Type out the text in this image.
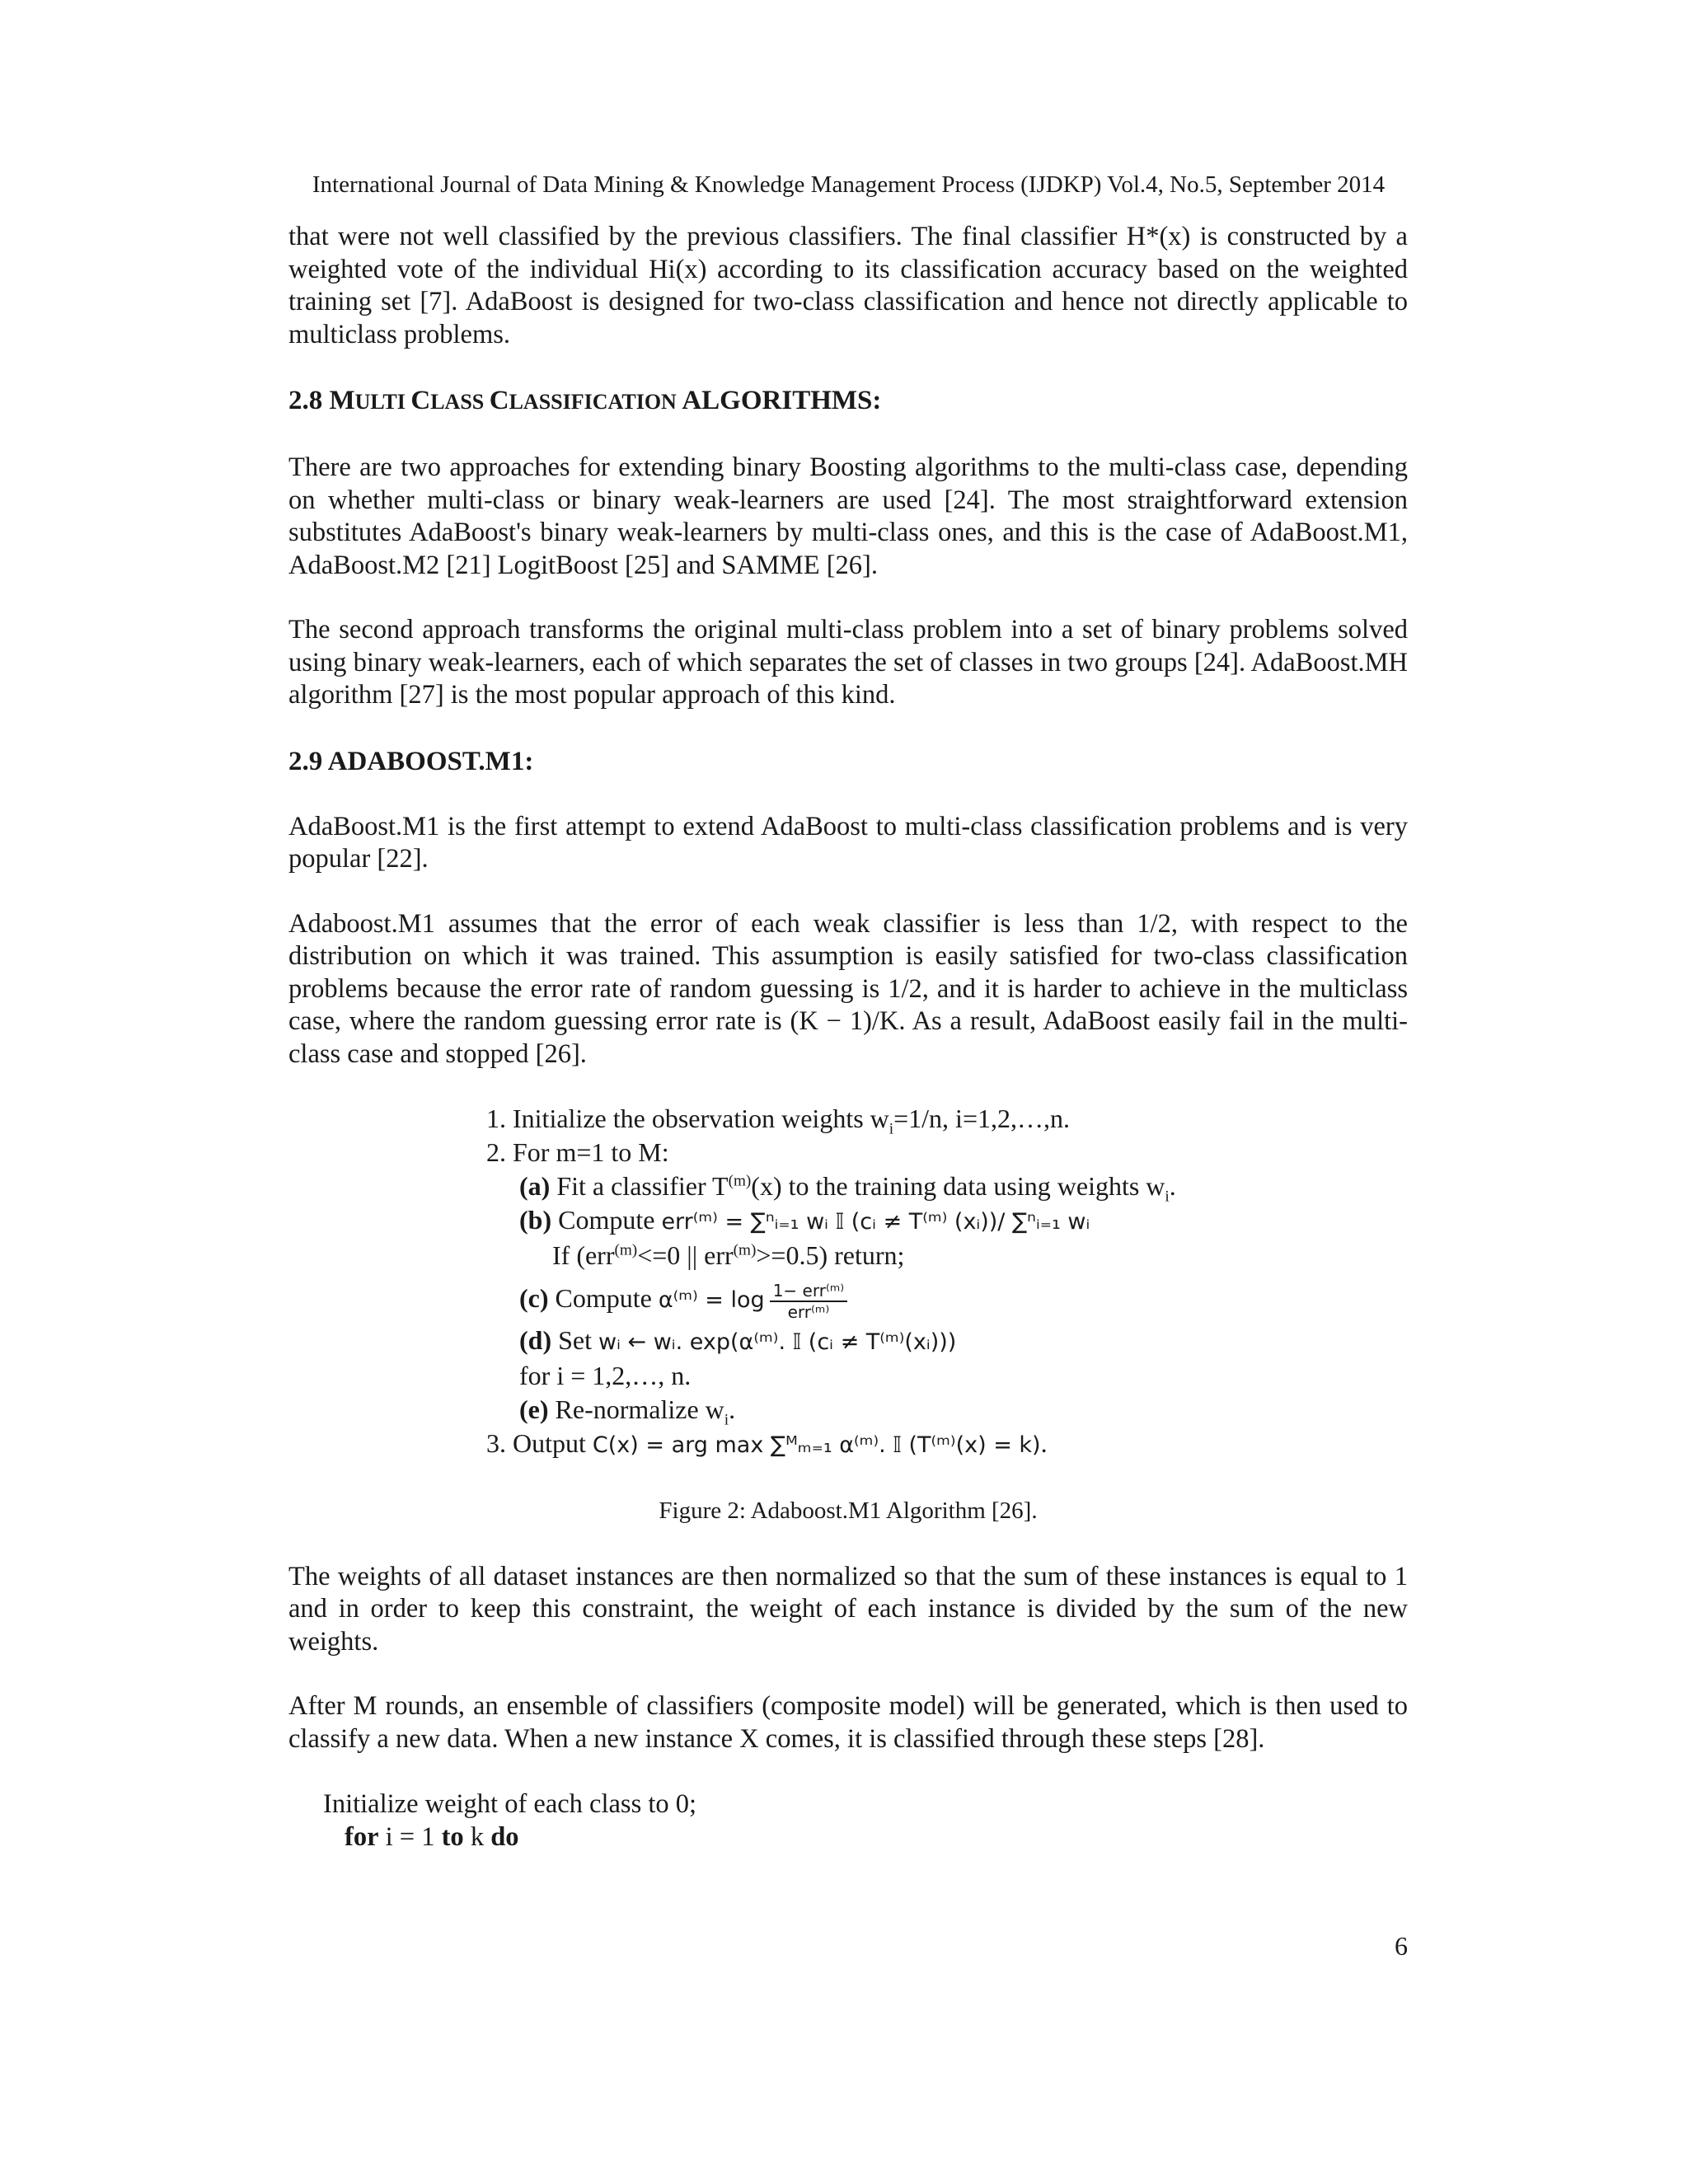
International Journal of Data Mining & Knowledge Management Process (IJDKP) Vol.4, No.5, September 2014

that were not well classified by the previous classifiers. The final classifier H*(x) is constructed by a weighted vote of the individual Hi(x) according to its classification accuracy based on the weighted training set [7]. AdaBoost is designed for two-class classification and hence not directly applicable to multiclass problems.

2.8 MULTI CLASS CLASSIFICATION ALGORITHMS:

There are two approaches for extending binary Boosting algorithms to the multi-class case, depending on whether multi-class or binary weak-learners are used [24]. The most straightforward extension substitutes AdaBoost's binary weak-learners by multi-class ones, and this is the case of AdaBoost.M1, AdaBoost.M2 [21] LogitBoost [25] and SAMME [26].

The second approach transforms the original multi-class problem into a set of binary problems solved using binary weak-learners, each of which separates the set of classes in two groups [24]. AdaBoost.MH algorithm [27] is the most popular approach of this kind.

2.9 ADABOOST.M1:

AdaBoost.M1 is the first attempt to extend AdaBoost to multi-class classification problems and is very popular [22].

Adaboost.M1 assumes that the error of each weak classifier is less than 1/2, with respect to the distribution on which it was trained. This assumption is easily satisfied for two-class classification problems because the error rate of random guessing is 1/2, and it is harder to achieve in the multiclass case, where the random guessing error rate is (K − 1)/K. As a result, AdaBoost easily fail in the multi-class case and stopped [26].

1. Initialize the observation weights $w_i=1/n$, i=1,2,…,n.
2. For m=1 to M:
(a) Fit a classifier $T^{(m)}(x)$ to the training data using weights $w_i$.
(b) Compute err⁽ᵐ⁾ = ∑ⁿᵢ₌₁ wᵢ 𝕀 (cᵢ ≠ T⁽ᵐ⁾ (xᵢ))/ ∑ⁿᵢ₌₁ wᵢ
If (err$^{(m)}$<=0 || err$^{(m)}$>=0.5) return;
(c) Compute α⁽ᵐ⁾ = $\log \frac{\text{1− err⁽ᵐ⁾}}{\text{err⁽ᵐ⁾}}$
(d) Set wᵢ ← wᵢ. exp(α⁽ᵐ⁾. 𝕀 (cᵢ ≠ T⁽ᵐ⁾(xᵢ)))
for i = 1,2,…, n.
(e) Re-normalize $w_i$.
3. Output C(x) = arg max ∑ᴹₘ₌₁ α⁽ᵐ⁾. 𝕀 (T⁽ᵐ⁾(x) = k).
Figure 2: Adaboost.M1 Algorithm [26].

The weights of all dataset instances are then normalized so that the sum of these instances is equal to 1 and in order to keep this constraint, the weight of each instance is divided by the sum of the new weights.

After M rounds, an ensemble of classifiers (composite model) will be generated, which is then used to classify a new data. When a new instance X comes, it is classified through these steps [28].

Initialize weight of each class to 0;
for i = 1 to k do
6
